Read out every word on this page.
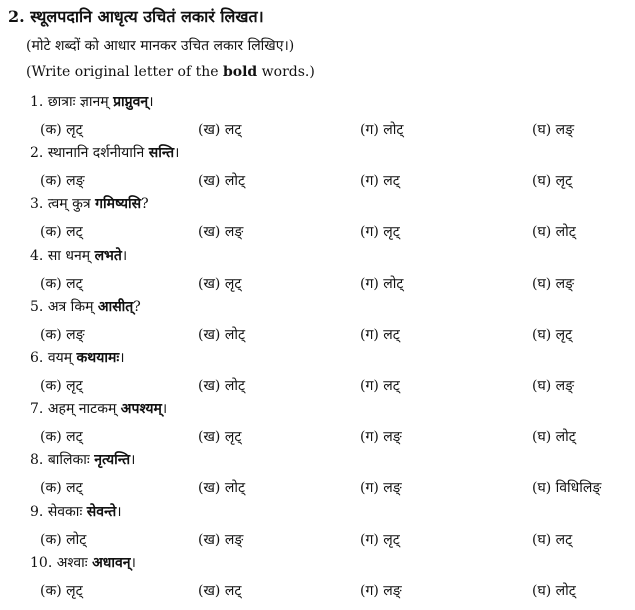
2. स्थूलपदानि आधृत्य उचितं लकारं लिखत।
(मोटे शब्दों को आधार मानकर उचित लकार लिखिए।)
(Write original letter of the bold words.)
1. छात्राः ज्ञानम् प्राप्नुवन्।
(क) लृट्	(ख) लट्	(ग) लोट्	(घ) लङ्
2. स्थानानि दर्शनीयानि सन्ति।
(क) लङ्	(ख) लोट्	(ग) लट्	(घ) लृट्
3. त्वम् कुत्र गमिष्यसि?
(क) लट्	(ख) लङ्	(ग) लृट्	(घ) लोट्
4. सा धनम् लभते।
(क) लट्	(ख) लृट्	(ग) लोट्	(घ) लङ्
5. अत्र किम् आसीत्?
(क) लङ्	(ख) लोट्	(ग) लट्	(घ) लृट्
6. वयम् कथयामः।
(क) लृट्	(ख) लोट्	(ग) लट्	(घ) लङ्
7. अहम् नाटकम् अपश्यम्।
(क) लट्	(ख) लृट्	(ग) लङ्	(घ) लोट्
8. बालिकाः नृत्यन्ति।
(क) लट्	(ख) लोट्	(ग) लङ्	(घ) विधिलिङ्
9. सेवकाः सेवन्ते।
(क) लोट्	(ख) लङ्	(ग) लृट्	(घ) लट्
10. अश्वाः अधावन्।
(क) लृट्	(ख) लट्	(ग) लङ्	(घ) लोट्
